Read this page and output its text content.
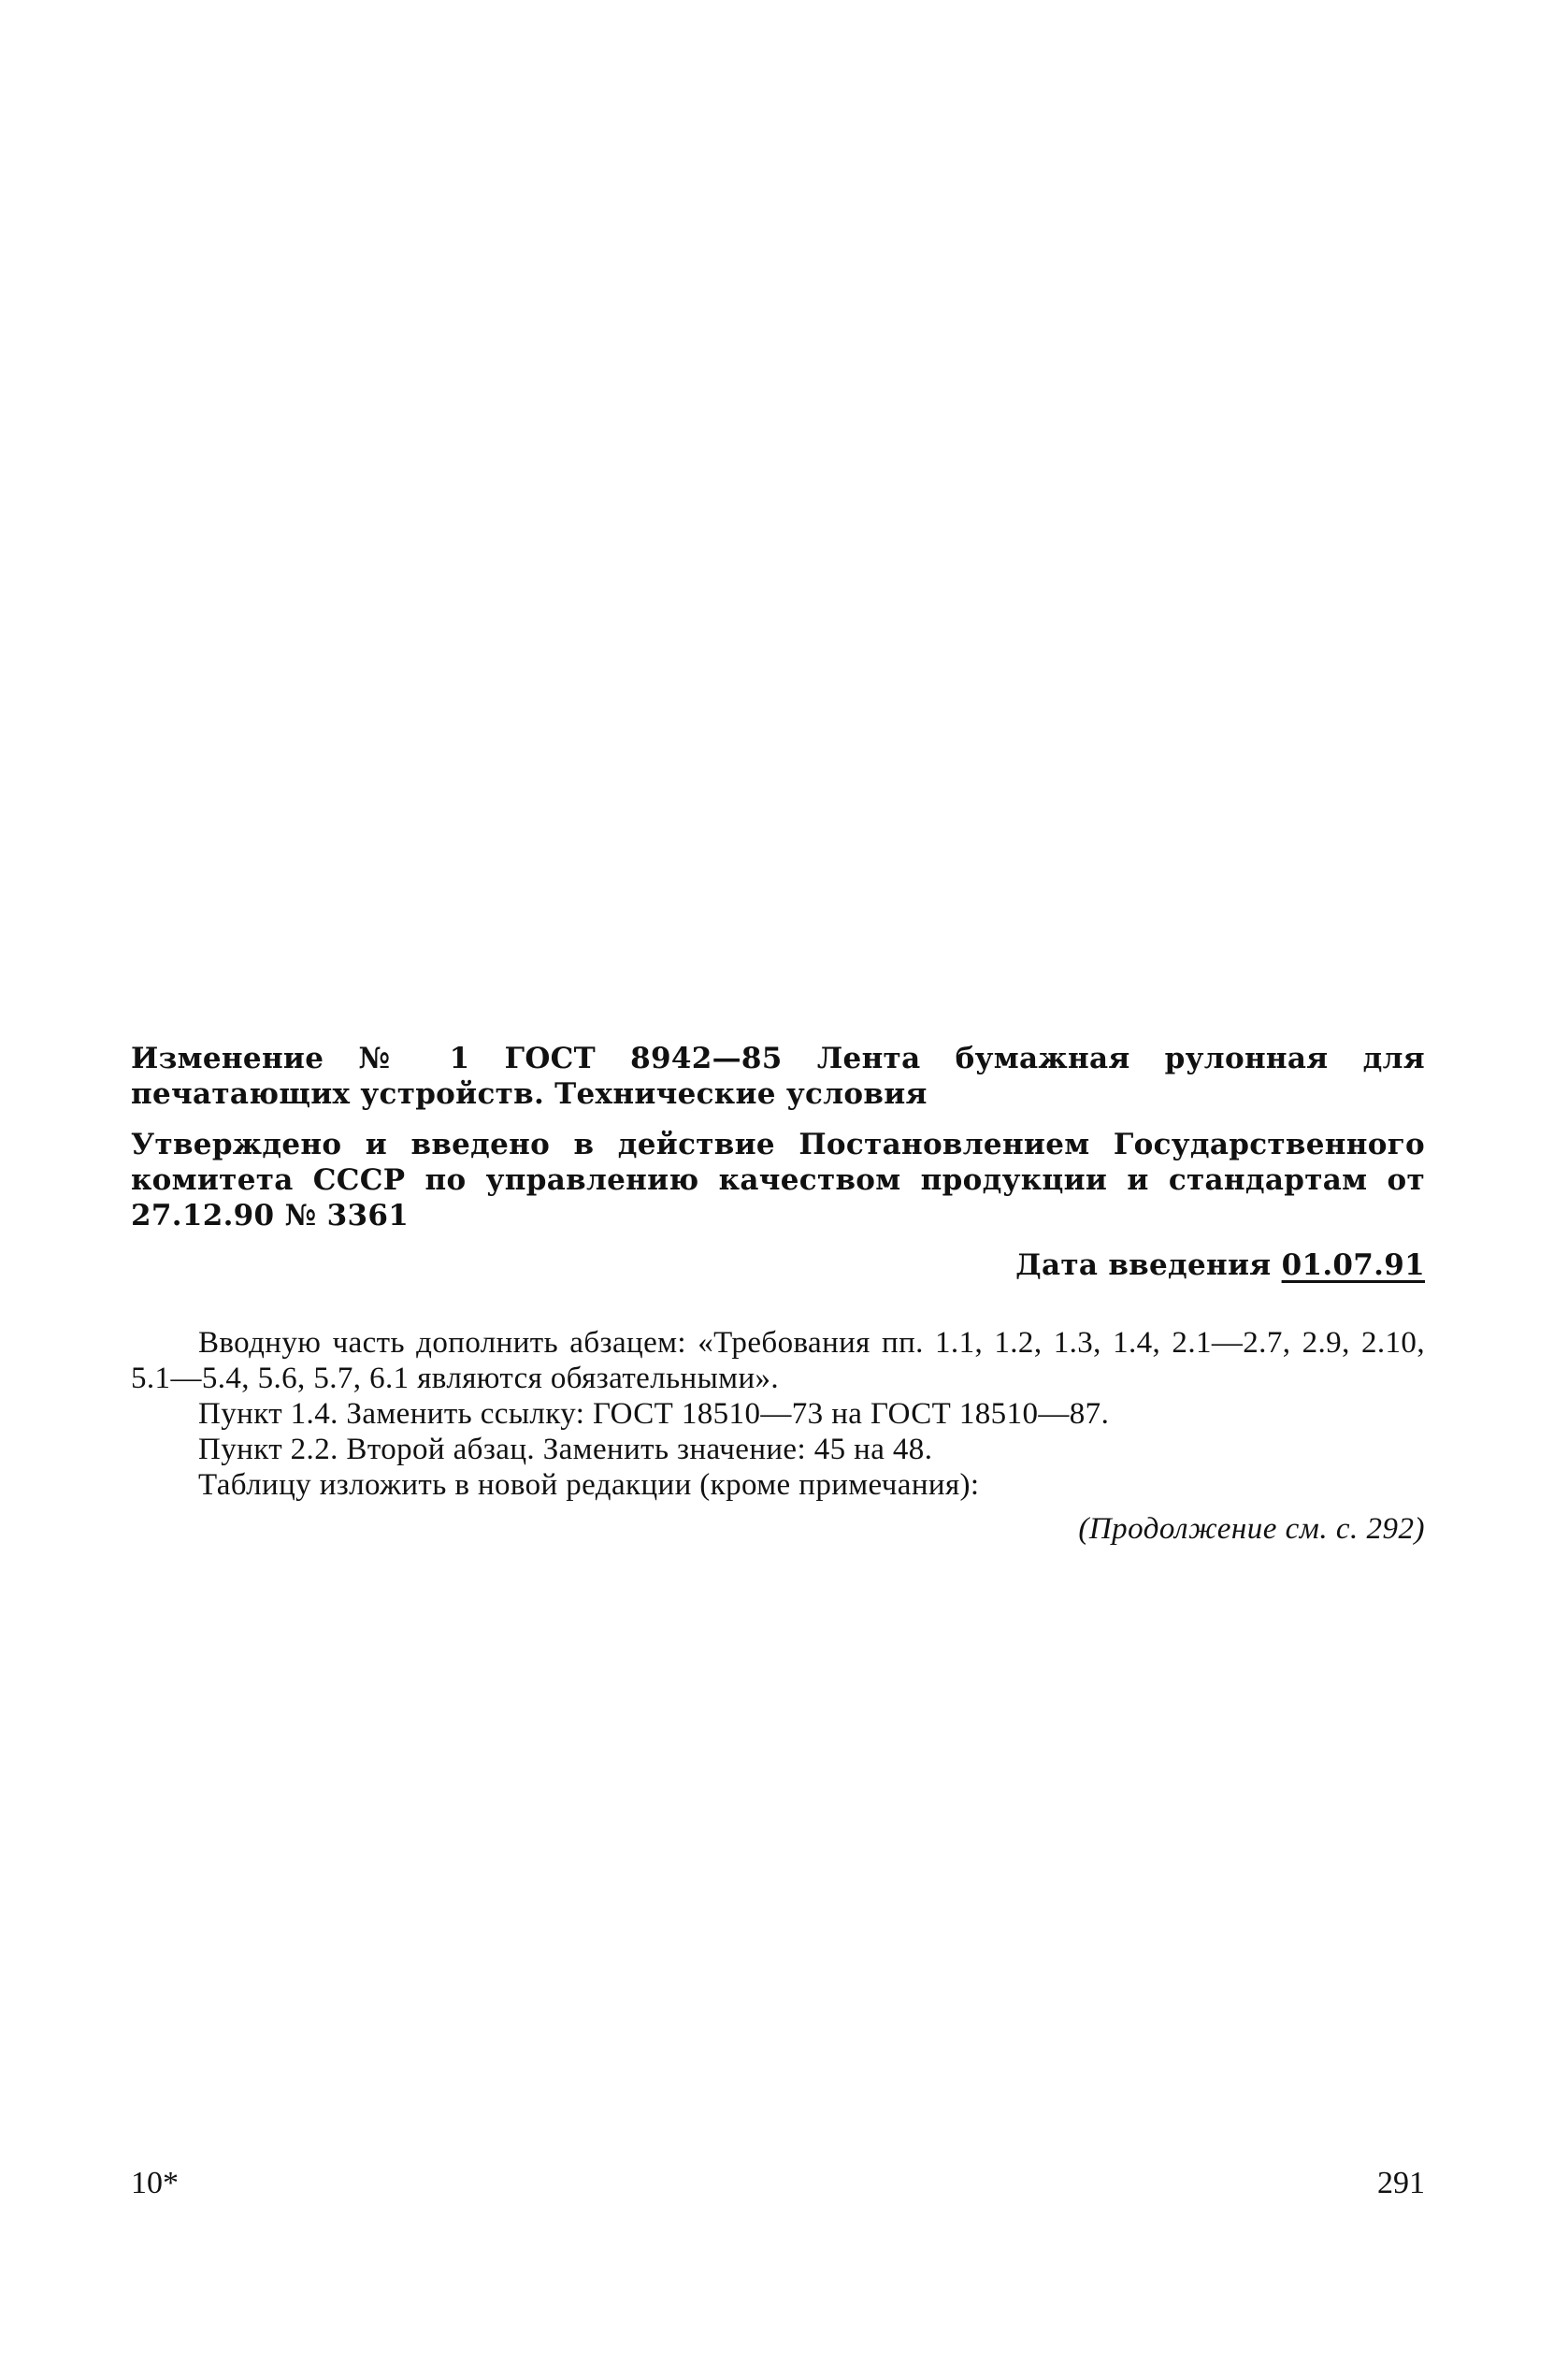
Изменение № 1 ГОСТ 8942—85 Лента бумажная рулонная для печатающих устройств. Технические условия

Утверждено и введено в действие Постановлением Государственного комитета СССР по управлению качеством продукции и стандартам от 27.12.90 № 3361

Дата введения 01.07.91

Вводную часть дополнить абзацем: «Требования пп. 1.1, 1.2, 1.3, 1.4, 2.1—2.7, 2.9, 2.10, 5.1—5.4, 5.6, 5.7, 6.1 являются обязательными».

Пункт 1.4. Заменить ссылку: ГОСТ 18510—73 на ГОСТ 18510—87.

Пункт 2.2. Второй абзац. Заменить значение: 45 на 48.

Таблицу изложить в новой редакции (кроме примечания):

(Продолжение см. с. 292)

10*	291
